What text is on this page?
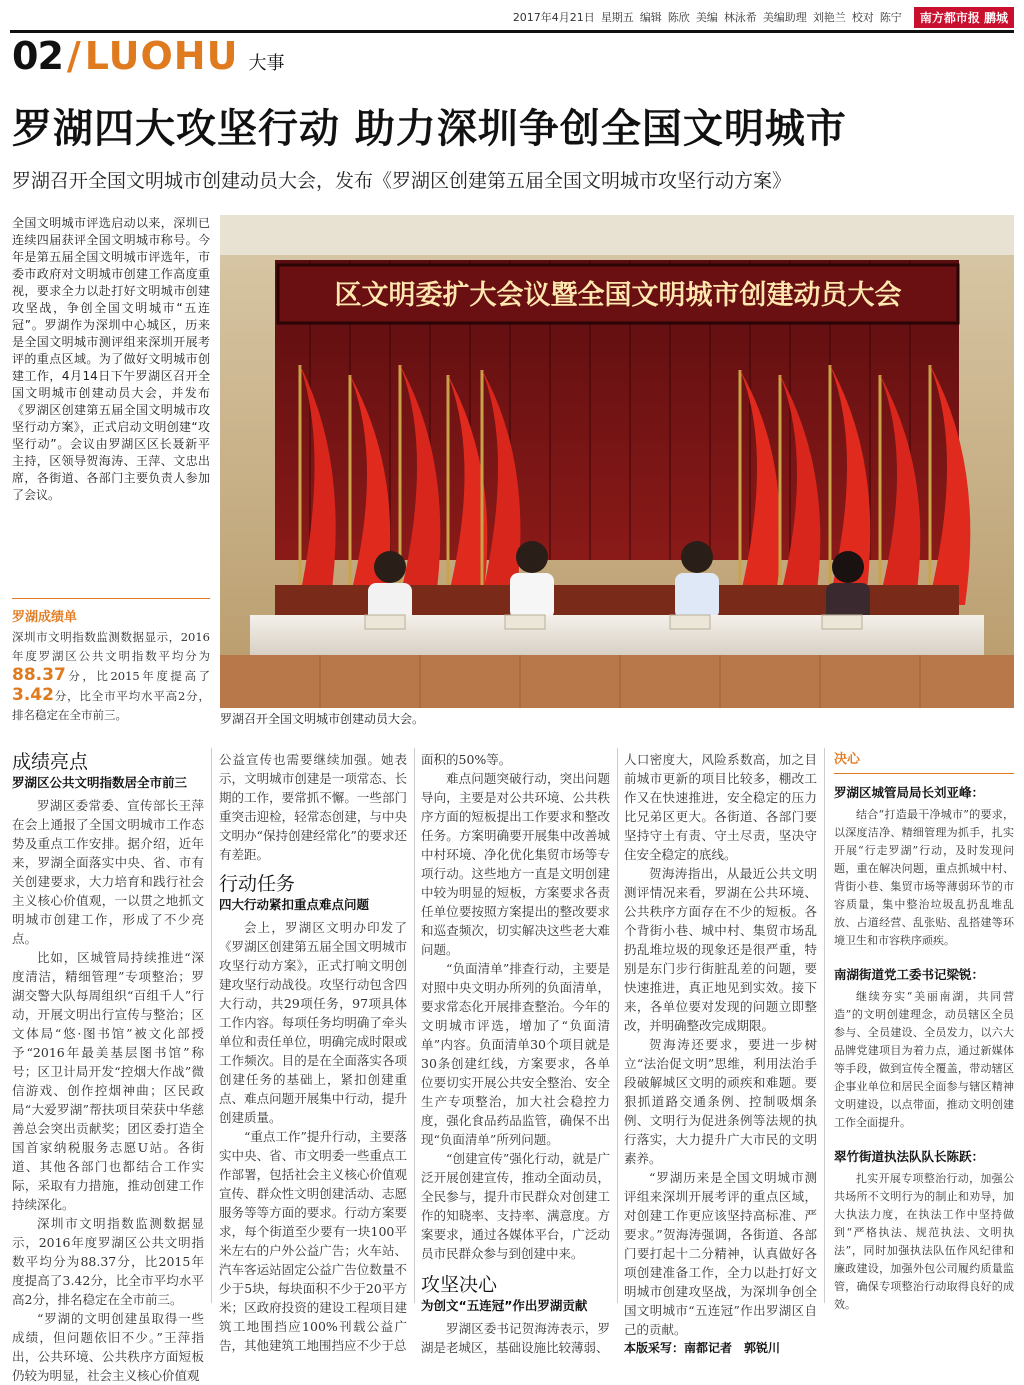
2017年4月21日 星期五 编辑 陈欣 美编 林泳希 美编助理 刘艳兰 校对 陈宁	南方都市报 鹏城
02 / LUOHU 大事
罗湖四大攻坚行动 助力深圳争创全国文明城市
罗湖召开全国文明城市创建动员大会，发布《罗湖区创建第五届全国文明城市攻坚行动方案》
全国文明城市评选启动以来，深圳已连续四届获评全国文明城市称号。今年是第五届全国文明城市评选年，市委市政府对文明城市创建工作高度重视，要求全力以赴打好文明城市创建攻坚战，争创全国文明城市“五连冠”。罗湖作为深圳中心城区，历来是全国文明城市测评组来深圳开展考评的重点区域。为了做好文明城市创建工作，4月14日下午罗湖区召开全国文明城市创建动员大会，并发布《罗湖区创建第五届全国文明城市攻坚行动方案》，正式启动文明创建“攻坚行动”。会议由罗湖区区长聂新平主持，区领导贺海涛、王萍、文忠出席，各街道、各部门主要负责人参加了会议。
罗湖成绩单
深圳市文明指数监测数据显示，2016年度罗湖区公共文明指数平均分为88.37分，比2015年度提高了3.42分，比全市平均水平高2分，排名稳定在全市前三。
区文明委扩大会议暨全国文明城市创建动员大会
罗湖召开全国文明城市创建动员大会。
成绩亮点
罗湖区公共文明指数居全市前三

罗湖区委常委、宣传部长王萍在会上通报了全国文明城市工作态势及重点工作安排。据介绍，近年来，罗湖全面落实中央、省、市有关创建要求，大力培育和践行社会主义核心价值观，一以贯之地抓文明城市创建工作，形成了不少亮点。

比如，区城管局持续推进“深度清洁，精细管理”专项整治；罗湖交警大队每周组织“百组千人”行动，开展文明出行宣传与整治；区文体局“悠·图书馆”被文化部授予“2016年最美基层图书馆”称号；区卫计局开发“控烟大作战”微信游戏、创作控烟神曲；区民政局“大爱罗湖”帮扶项目荣获中华慈善总会突出贡献奖；团区委打造全国首家纳税服务志愿U站。各街道、其他各部门也都结合工作实际，采取有力措施，推动创建工作持续深化。

深圳市文明指数监测数据显示，2016年度罗湖区公共文明指数平均分为88.37分，比2015年度提高了3.42分，比全市平均水平高2分，排名稳定在全市前三。

“罗湖的文明创建虽取得一些成绩，但问题依旧不少。”王萍指出，公共环境、公共秩序方面短板仍较为明显，社会主义核心价值观

公益宣传也需要继续加强。她表示，文明城市创建是一项常态、长期的工作，要常抓不懈。一些部门重突击迎检，轻常态创建，与中央文明办“保持创建经常化”的要求还有差距。

行动任务
四大行动紧扣重点难点问题

会上，罗湖区文明办印发了《罗湖区创建第五届全国文明城市攻坚行动方案》，正式打响文明创建攻坚行动战役。攻坚行动包含四大行动，共29项任务，97项具体工作内容。每项任务均明确了牵头单位和责任单位，明确完成时限或工作频次。目的是在全面落实各项创建任务的基础上，紧扣创建重点、难点问题开展集中行动，提升创建质量。

“重点工作”提升行动，主要落实中央、省、市文明委一些重点工作部署，包括社会主义核心价值观宣传、群众性文明创建活动、志愿服务等等方面的要求。行动方案要求，每个街道至少要有一块100平米左右的户外公益广告；火车站、汽车客运站固定公益广告位数量不少于5块，每块面积不少于20平方米；区政府投资的建设工程项目建筑工地围挡应100%刊载公益广告，其他建筑工地围挡应不少于总

面积的50%等。

难点问题突破行动，突出问题导向，主要是对公共环境、公共秩序方面的短板提出工作要求和整改任务。方案明确要开展集中改善城中村环境、净化优化集贸市场等专项行动。这些地方一直是文明创建中较为明显的短板，方案要求各责任单位要按照方案提出的整改要求和巡查频次，切实解决这些老大难问题。

“负面清单”排查行动，主要是对照中央文明办所列的负面清单，要求常态化开展排查整治。今年的文明城市评选，增加了“负面清单”内容。负面清单30个项目就是30条创建红线，方案要求，各单位要切实开展公共安全整治、安全生产专项整治，加大社会稳控力度，强化食品药品监管，确保不出现“负面清单”所列问题。

“创建宣传”强化行动，就是广泛开展创建宣传，推动全面动员，全民参与，提升市民群众对创建工作的知晓率、支持率、满意度。方案要求，通过各媒体平台，广泛动员市民群众参与到创建中来。

攻坚决心
为创文“五连冠”作出罗湖贡献

罗湖区委书记贺海涛表示，罗湖是老城区，基础设施比较薄弱、

人口密度大，风险系数高，加之目前城市更新的项目比较多，棚改工作又在快速推进，安全稳定的压力比兄弟区更大。各街道、各部门要坚持守土有责、守土尽责，坚决守住安全稳定的底线。

贺海涛指出，从最近公共文明测评情况来看，罗湖在公共环境、公共秩序方面存在不少的短板。各个背街小巷、城中村、集贸市场乱扔乱堆垃圾的现象还是很严重，特别是东门步行街脏乱差的问题，要快速推进，真正地见到实效。接下来，各单位要对发现的问题立即整改，并明确整改完成期限。

贺海涛还要求，要进一步树立“法治促文明”思维，利用法治手段破解城区文明的顽疾和难题。要狠抓道路交通条例、控制吸烟条例、文明行为促进条例等法规的执行落实，大力提升广大市民的文明素养。

“罗湖历来是全国文明城市测评组来深圳开展考评的重点区域，对创建工作更应该坚持高标准、严要求。”贺海涛强调，各街道、各部门要打起十二分精神，认真做好各项创建准备工作，全力以赴打好文明城市创建攻坚战，为深圳争创全国文明城市“五连冠”作出罗湖区自己的贡献。

本版采写：南都记者　郭锐川
决心
罗湖区城管局局长刘亚峰：
结合“打造最干净城市”的要求，以深度洁净、精细管理为抓手，扎实开展“行走罗湖”行动，及时发现问题，重在解决问题，重点抓城中村、背街小巷、集贸市场等薄弱环节的市容质量，集中整治垃圾乱扔乱堆乱放、占道经营、乱张贴、乱搭建等环境卫生和市容秩序顽疾。
南湖街道党工委书记梁锐：
继续夯实“美丽南湖，共同营造”的文明创建理念，动员辖区全员参与、全员建设、全员发力，以六大品牌党建项目为着力点，通过新媒体等手段，做到宣传全覆盖，带动辖区企事业单位和居民全面参与辖区精神文明建设，以点带面，推动文明创建工作全面提升。
翠竹街道执法队队长陈跃：
扎实开展专项整治行动，加强公共场所不文明行为的制止和劝导，加大执法力度，在执法工作中坚持做到“严格执法、规范执法、文明执法”，同时加强执法队伍作风纪律和廉政建设，加强外包公司履约质量监管，确保专项整治行动取得良好的成效。
